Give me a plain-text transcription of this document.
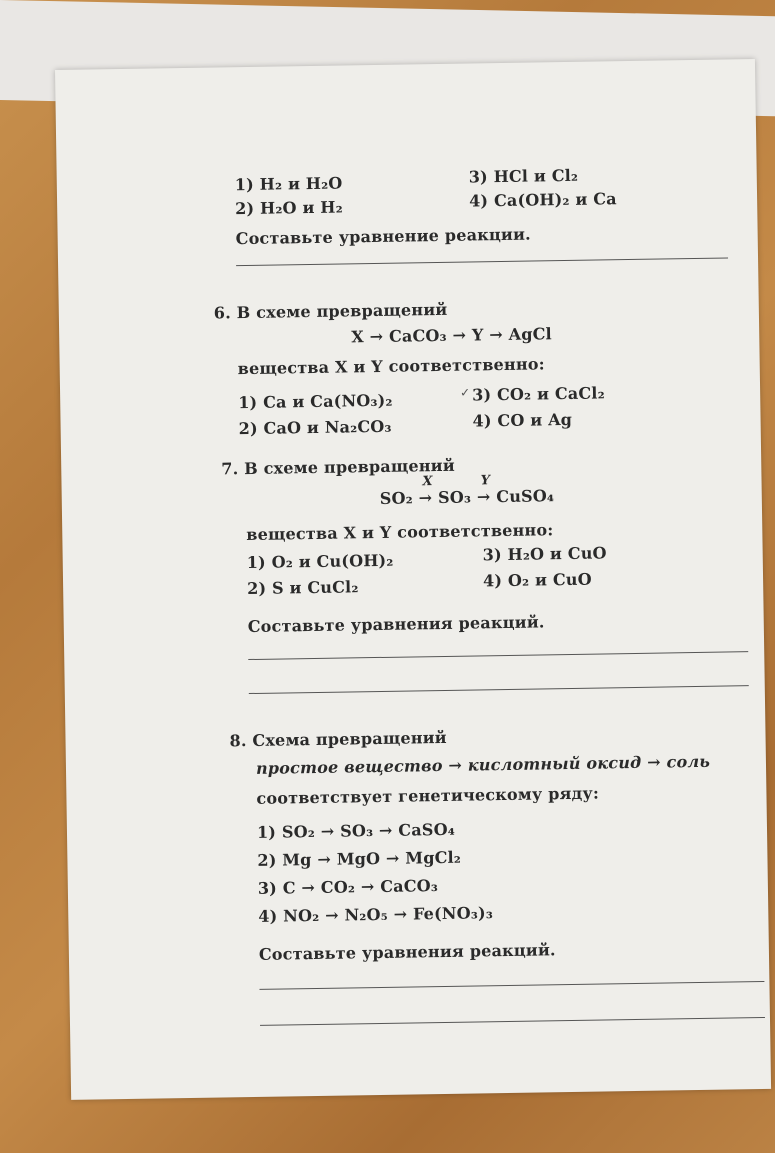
1) H₂ и H₂O
2) H₂O и H₂
3) HCl и Cl₂
4) Ca(OH)₂ и Ca
Составьте уравнение реакции.
6. В схеме превращений
X → CaCO₃ → Y → AgCl
вещества X и Y соответственно:
1) Ca и Ca(NO₃)₂
2) CaO и Na₂CO₃
✓ 3) CO₂ и CaCl₂
4) CO и Ag
7. В схеме превращений
SO₂
X
→ SO₃
Y
→ CuSO₄
вещества X и Y соответственно:
1) O₂ и Cu(OH)₂
2) S и CuCl₂
3) H₂O и CuO
4) O₂ и CuO
Составьте уравнения реакций.
8. Схема превращений
простое вещество → кислотный оксид → соль
соответствует генетическому ряду:
1) SO₂ → SO₃ → CaSO₄
2) Mg → MgO → MgCl₂
3) C → CO₂ → CaCO₃
4) NO₂ → N₂O₅ → Fe(NO₃)₃
Составьте уравнения реакций.
